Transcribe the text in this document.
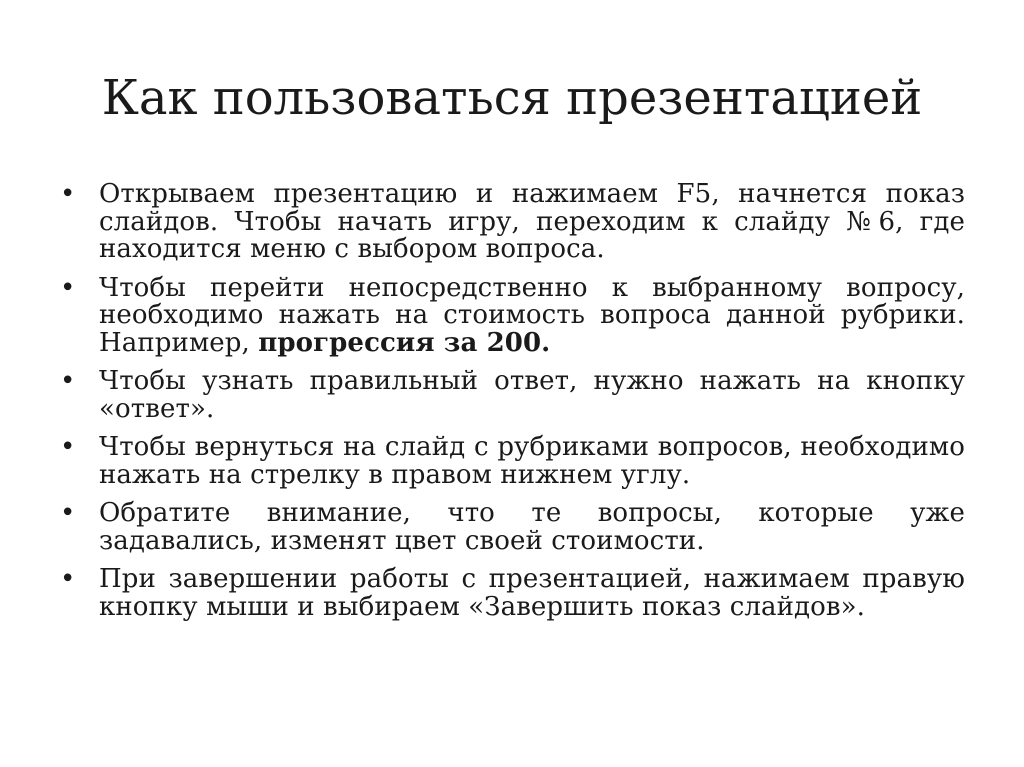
Как пользоваться презентацией
• Открываем презентацию и нажимаем F5, начнется показ слайдов. Чтобы начать игру, переходим к слайду №6, где находится меню с выбором вопроса.
• Чтобы перейти непосредственно к выбранному вопросу, необходимо нажать на стоимость вопроса данной рубрики. Например, прогрессия за 200.
• Чтобы узнать правильный ответ, нужно нажать на кнопку «ответ».
• Чтобы вернуться на слайд с рубриками вопросов, необходимо нажать на стрелку в правом нижнем углу.
• Обратите внимание, что те вопросы, которые уже задавались, изменят цвет своей стоимости.
• При завершении работы с презентацией, нажимаем правую кнопку мыши и выбираем «Завершить показ слайдов».
